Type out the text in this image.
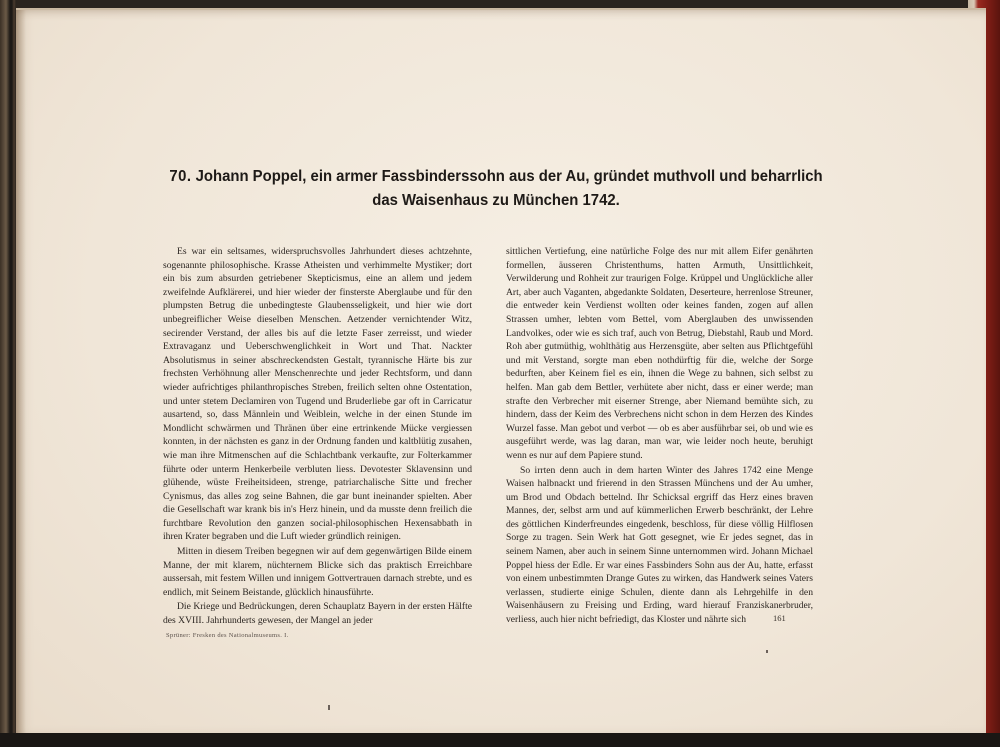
70. Johann Poppel, ein armer Fassbinderssohn aus der Au, gründet muthvoll und beharrlich das Waisenhaus zu München 1742.

Es war ein seltsames, widerspruchsvolles Jahrhundert dieses achtzehnte, sogenannte philosophische. Krasse Atheisten und verhimmelte Mystiker; dort ein bis zum absurden getriebener Skepticismus, eine an allem und jedem zweifelnde Aufklärerei, und hier wieder der finsterste Aberglaube und für den plumpsten Betrug die unbedingteste Glaubensseligkeit, und hier wie dort unbegreiflicher Weise dieselben Menschen. Aetzender vernichtender Witz, secirender Verstand, der alles bis auf die letzte Faser zerreisst, und wieder Extravaganz und Ueberschwenglichkeit in Wort und That. Nackter Absolutismus in seiner abschreckendsten Gestalt, tyrannische Härte bis zur frechsten Verhöhnung aller Menschenrechte und jeder Rechtsform, und dann wieder aufrichtiges philanthropisches Streben, freilich selten ohne Ostentation, und unter stetem Declamiren von Tugend und Bruderliebe gar oft in Carricatur ausartend, so, dass Männlein und Weiblein, welche in der einen Stunde im Mondlicht schwärmen und Thränen über eine ertrinkende Mücke vergiessen konnten, in der nächsten es ganz in der Ordnung fanden und kaltblütig zusahen, wie man ihre Mitmenschen auf die Schlachtbank verkaufte, zur Folterkammer führte oder unterm Henkerbeile verbluten liess. Devotester Sklavensinn und glühende, wüste Freiheitsideen, strenge, patriarchalische Sitte und frecher Cynismus, das alles zog seine Bahnen, die gar bunt ineinander spielten. Aber die Gesellschaft war krank bis in's Herz hinein, und da musste denn freilich die furchtbare Revolution den ganzen social-philosophischen Hexensabbath in ihren Krater begraben und die Luft wieder gründlich reinigen.

Mitten in diesem Treiben begegnen wir auf dem gegenwärtigen Bilde einem Manne, der mit klarem, nüchternem Blicke sich das praktisch Erreichbare aussersah, mit festem Willen und innigem Gottvertrauen darnach strebte, und es endlich, mit Seinem Beistande, glücklich hinausführte.

Die Kriege und Bedrückungen, deren Schauplatz Bayern in der ersten Hälfte des XVIII. Jahrhunderts gewesen, der Mangel an jeder

sittlichen Vertiefung, eine natürliche Folge des nur mit allem Eifer genährten formellen, äusseren Christenthums, hatten Armuth, Unsittlichkeit, Verwilderung und Rohheit zur traurigen Folge. Krüppel und Unglückliche aller Art, aber auch Vaganten, abgedankte Soldaten, Deserteure, herrenlose Streuner, die entweder kein Verdienst wollten oder keines fanden, zogen auf allen Strassen umher, lebten vom Bettel, vom Aberglauben des unwissenden Landvolkes, oder wie es sich traf, auch von Betrug, Diebstahl, Raub und Mord. Roh aber gutmüthig, wohlthätig aus Herzensgüte, aber selten aus Pflichtgefühl und mit Verstand, sorgte man eben nothdürftig für die, welche der Sorge bedurften, aber Keinem fiel es ein, ihnen die Wege zu bahnen, sich selbst zu helfen. Man gab dem Bettler, verhütete aber nicht, dass er einer werde; man strafte den Verbrecher mit eiserner Strenge, aber Niemand bemühte sich, zu hindern, dass der Keim des Verbrechens nicht schon in dem Herzen des Kindes Wurzel fasse. Man gebot und verbot — ob es aber ausführbar sei, ob und wie es ausgeführt werde, was lag daran, man war, wie leider noch heute, beruhigt wenn es nur auf dem Papiere stund.

So irrten denn auch in dem harten Winter des Jahres 1742 eine Menge Waisen halbnackt und frierend in den Strassen Münchens und der Au umher, um Brod und Obdach bettelnd. Ihr Schicksal ergriff das Herz eines braven Mannes, der, selbst arm und auf kümmerlichen Erwerb beschränkt, der Lehre des göttlichen Kinderfreundes eingedenk, beschloss, für diese völlig Hilflosen Sorge zu tragen. Sein Werk hat Gott gesegnet, wie Er jedes segnet, das in seinem Namen, aber auch in seinem Sinne unternommen wird. Johann Michael Poppel hiess der Edle. Er war eines Fassbinders Sohn aus der Au, hatte, erfasst von einem unbestimmten Drange Gutes zu wirken, das Handwerk seines Vaters verlassen, studierte einige Schulen, diente dann als Lehrgehilfe in den Waisenhäusern zu Freising und Erding, ward hierauf Franziskanerbruder, verliess, auch hier nicht befriedigt, das Kloster und nährte sich

Sprüner: Fresken des Nationalmuseums. I.
161
